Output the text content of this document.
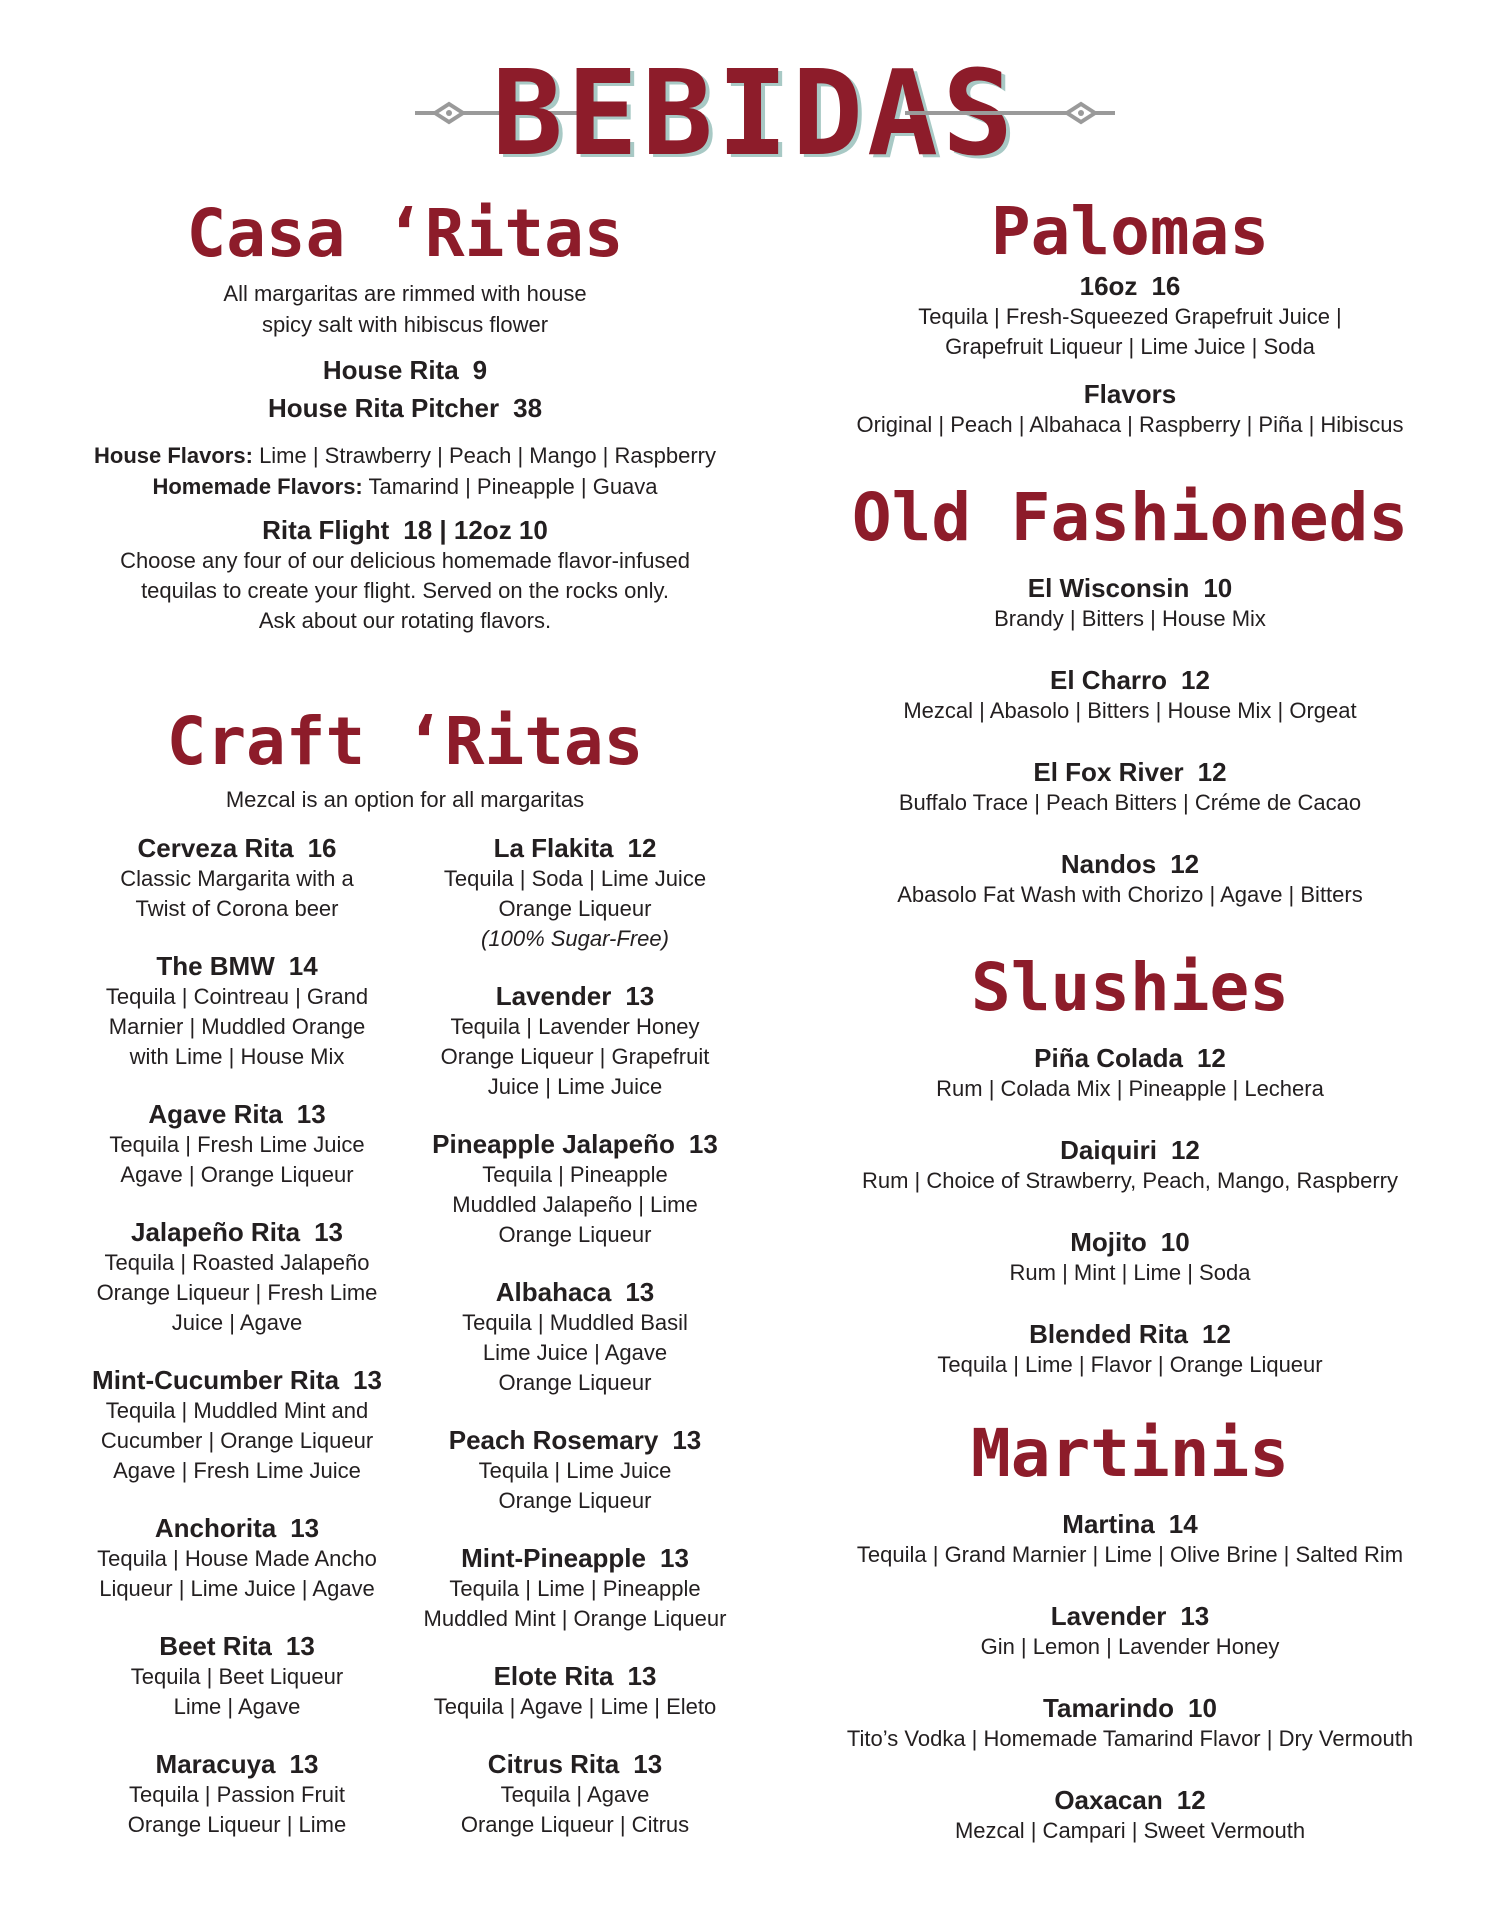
BEBIDAS
Casa ‘Ritas

All margaritas are rimmed with house

spicy salt with hibiscus flower

House Rita 9
House Rita Pitcher 38
House Flavors: Lime | Strawberry | Peach | Mango | Raspberry
Homemade Flavors: Tamarind | Pineapple | Guava
Rita Flight 18 | 12oz 10
Choose any four of our delicious homemade flavor-infused
tequilas to create your flight. Served on the rocks only.
Ask about our rotating flavors.
Craft ‘Ritas

Mezcal is an option for all margaritas

Cerveza Rita 16
Classic Margarita with a
Twist of Corona beer
The BMW 14
Tequila | Cointreau | Grand
Marnier | Muddled Orange
with Lime | House Mix
Agave Rita 13
Tequila | Fresh Lime Juice
Agave | Orange Liqueur
Jalapeño Rita 13
Tequila | Roasted Jalapeño
Orange Liqueur | Fresh Lime
Juice | Agave
Mint-Cucumber Rita 13
Tequila | Muddled Mint and
Cucumber | Orange Liqueur
Agave | Fresh Lime Juice
Anchorita 13
Tequila | House Made Ancho
Liqueur | Lime Juice | Agave
Beet Rita 13
Tequila | Beet Liqueur
Lime | Agave
Maracuya 13
Tequila | Passion Fruit
Orange Liqueur | Lime
La Flakita 12
Tequila | Soda | Lime Juice
Orange Liqueur
(100% Sugar-Free)
Lavender 13
Tequila | Lavender Honey
Orange Liqueur | Grapefruit
Juice | Lime Juice
Pineapple Jalapeño 13
Tequila | Pineapple
Muddled Jalapeño | Lime
Orange Liqueur
Albahaca 13
Tequila | Muddled Basil
Lime Juice | Agave
Orange Liqueur
Peach Rosemary 13
Tequila | Lime Juice
Orange Liqueur
Mint-Pineapple 13
Tequila | Lime | Pineapple
Muddled Mint | Orange Liqueur
Elote Rita 13
Tequila | Agave | Lime | Eleto
Citrus Rita 13
Tequila | Agave
Orange Liqueur | Citrus
Palomas
16oz 16
Tequila | Fresh-Squeezed Grapefruit Juice |
Grapefruit Liqueur | Lime Juice | Soda
Flavors
Original | Peach | Albahaca | Raspberry | Piña | Hibiscus
Old Fashioneds
El Wisconsin 10
Brandy | Bitters | House Mix
El Charro 12
Mezcal | Abasolo | Bitters | House Mix | Orgeat
El Fox River 12
Buffalo Trace | Peach Bitters | Créme de Cacao
Nandos 12
Abasolo Fat Wash with Chorizo | Agave | Bitters
Slushies
Piña Colada 12
Rum | Colada Mix | Pineapple | Lechera
Daiquiri 12
Rum | Choice of Strawberry, Peach, Mango, Raspberry
Mojito 10
Rum | Mint | Lime | Soda
Blended Rita 12
Tequila | Lime | Flavor | Orange Liqueur
Martinis
Martina 14
Tequila | Grand Marnier | Lime | Olive Brine | Salted Rim
Lavender 13
Gin | Lemon | Lavender Honey
Tamarindo 10
Tito’s Vodka | Homemade Tamarind Flavor | Dry Vermouth
Oaxacan 12
Mezcal | Campari | Sweet Vermouth
